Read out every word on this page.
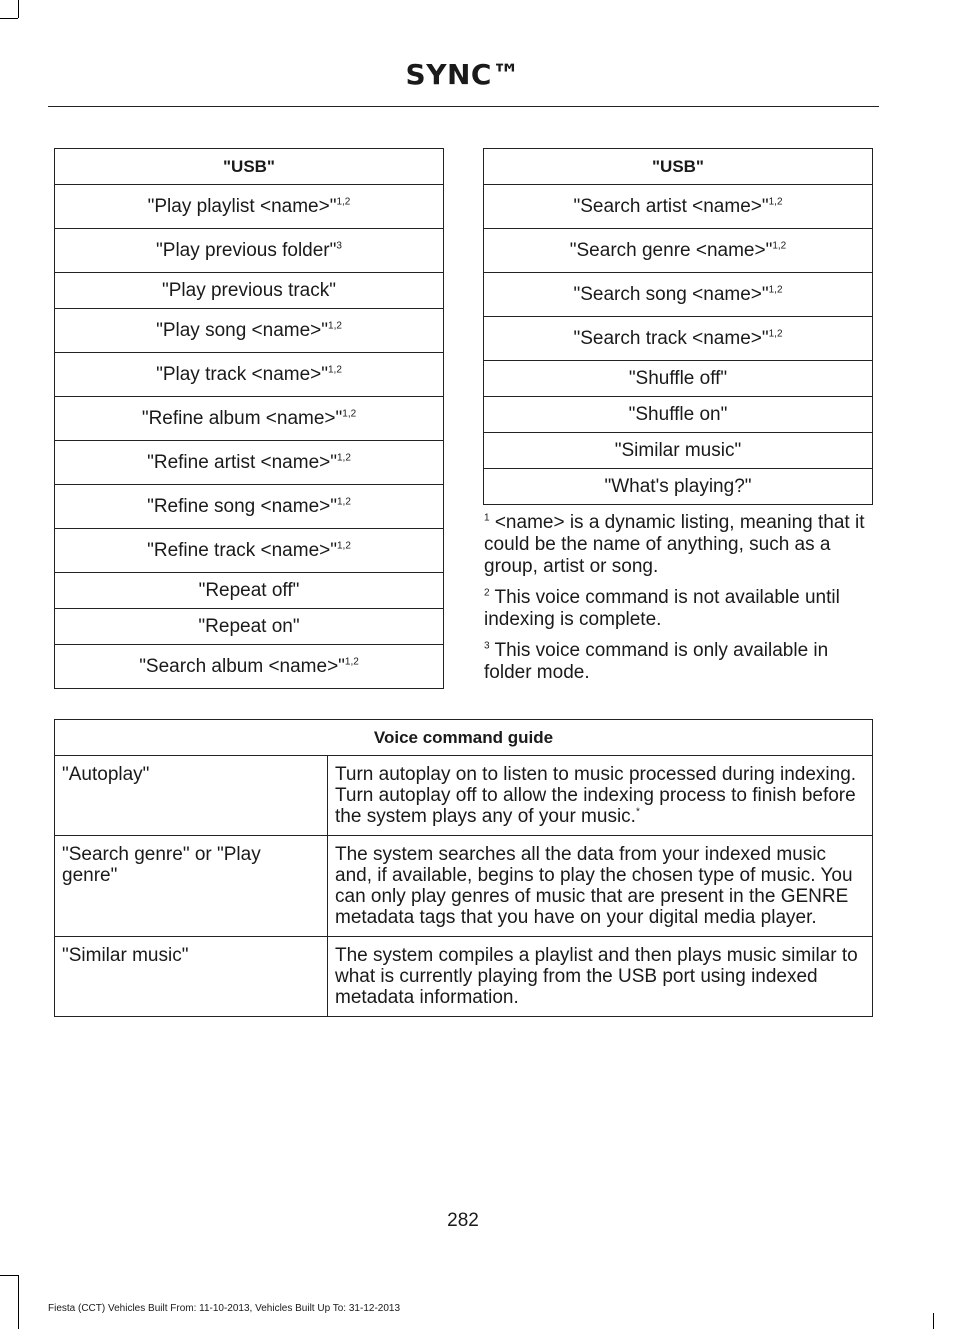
SYNC™
"USB"
"Play playlist <name>"$^{1,2}$
"Play previous folder"$^3$
"Play previous track"
"Play song <name>"$^{1,2}$
"Play track <name>"$^{1,2}$
"Refine album <name>"$^{1,2}$
"Refine artist <name>"$^{1,2}$
"Refine song <name>"$^{1,2}$
"Refine track <name>"$^{1,2}$
"Repeat off"
"Repeat on"
"Search album <name>"$^{1,2}$
"USB"
"Search artist <name>"$^{1,2}$
"Search genre <name>"$^{1,2}$
"Search song <name>"$^{1,2}$
"Search track <name>"$^{1,2}$
"Shuffle off"
"Shuffle on"
"Similar music"
"What's playing?"

$^1$ <name> is a dynamic listing, meaning that it could be the name of anything, such as a group, artist or song.

$^2$ This voice command is not available until indexing is complete.

$^3$ This voice command is only available in folder mode.

Voice command guide	
"Autoplay"	Turn autoplay on to listen to music processed during indexing. Turn autoplay off to allow the indexing process to finish before the system plays any of your music.*
"Search genre" or "Play genre"	The system searches all the data from your indexed music and, if available, begins to play the chosen type of music. You can only play genres of music that are present in the GENRE metadata tags that you have on your digital media player.
"Similar music"	The system compiles a playlist and then plays music similar to what is currently playing from the USB port using indexed metadata information.
282
Fiesta (CCT) Vehicles Built From: 11-10-2013, Vehicles Built Up To: 31-12-2013
